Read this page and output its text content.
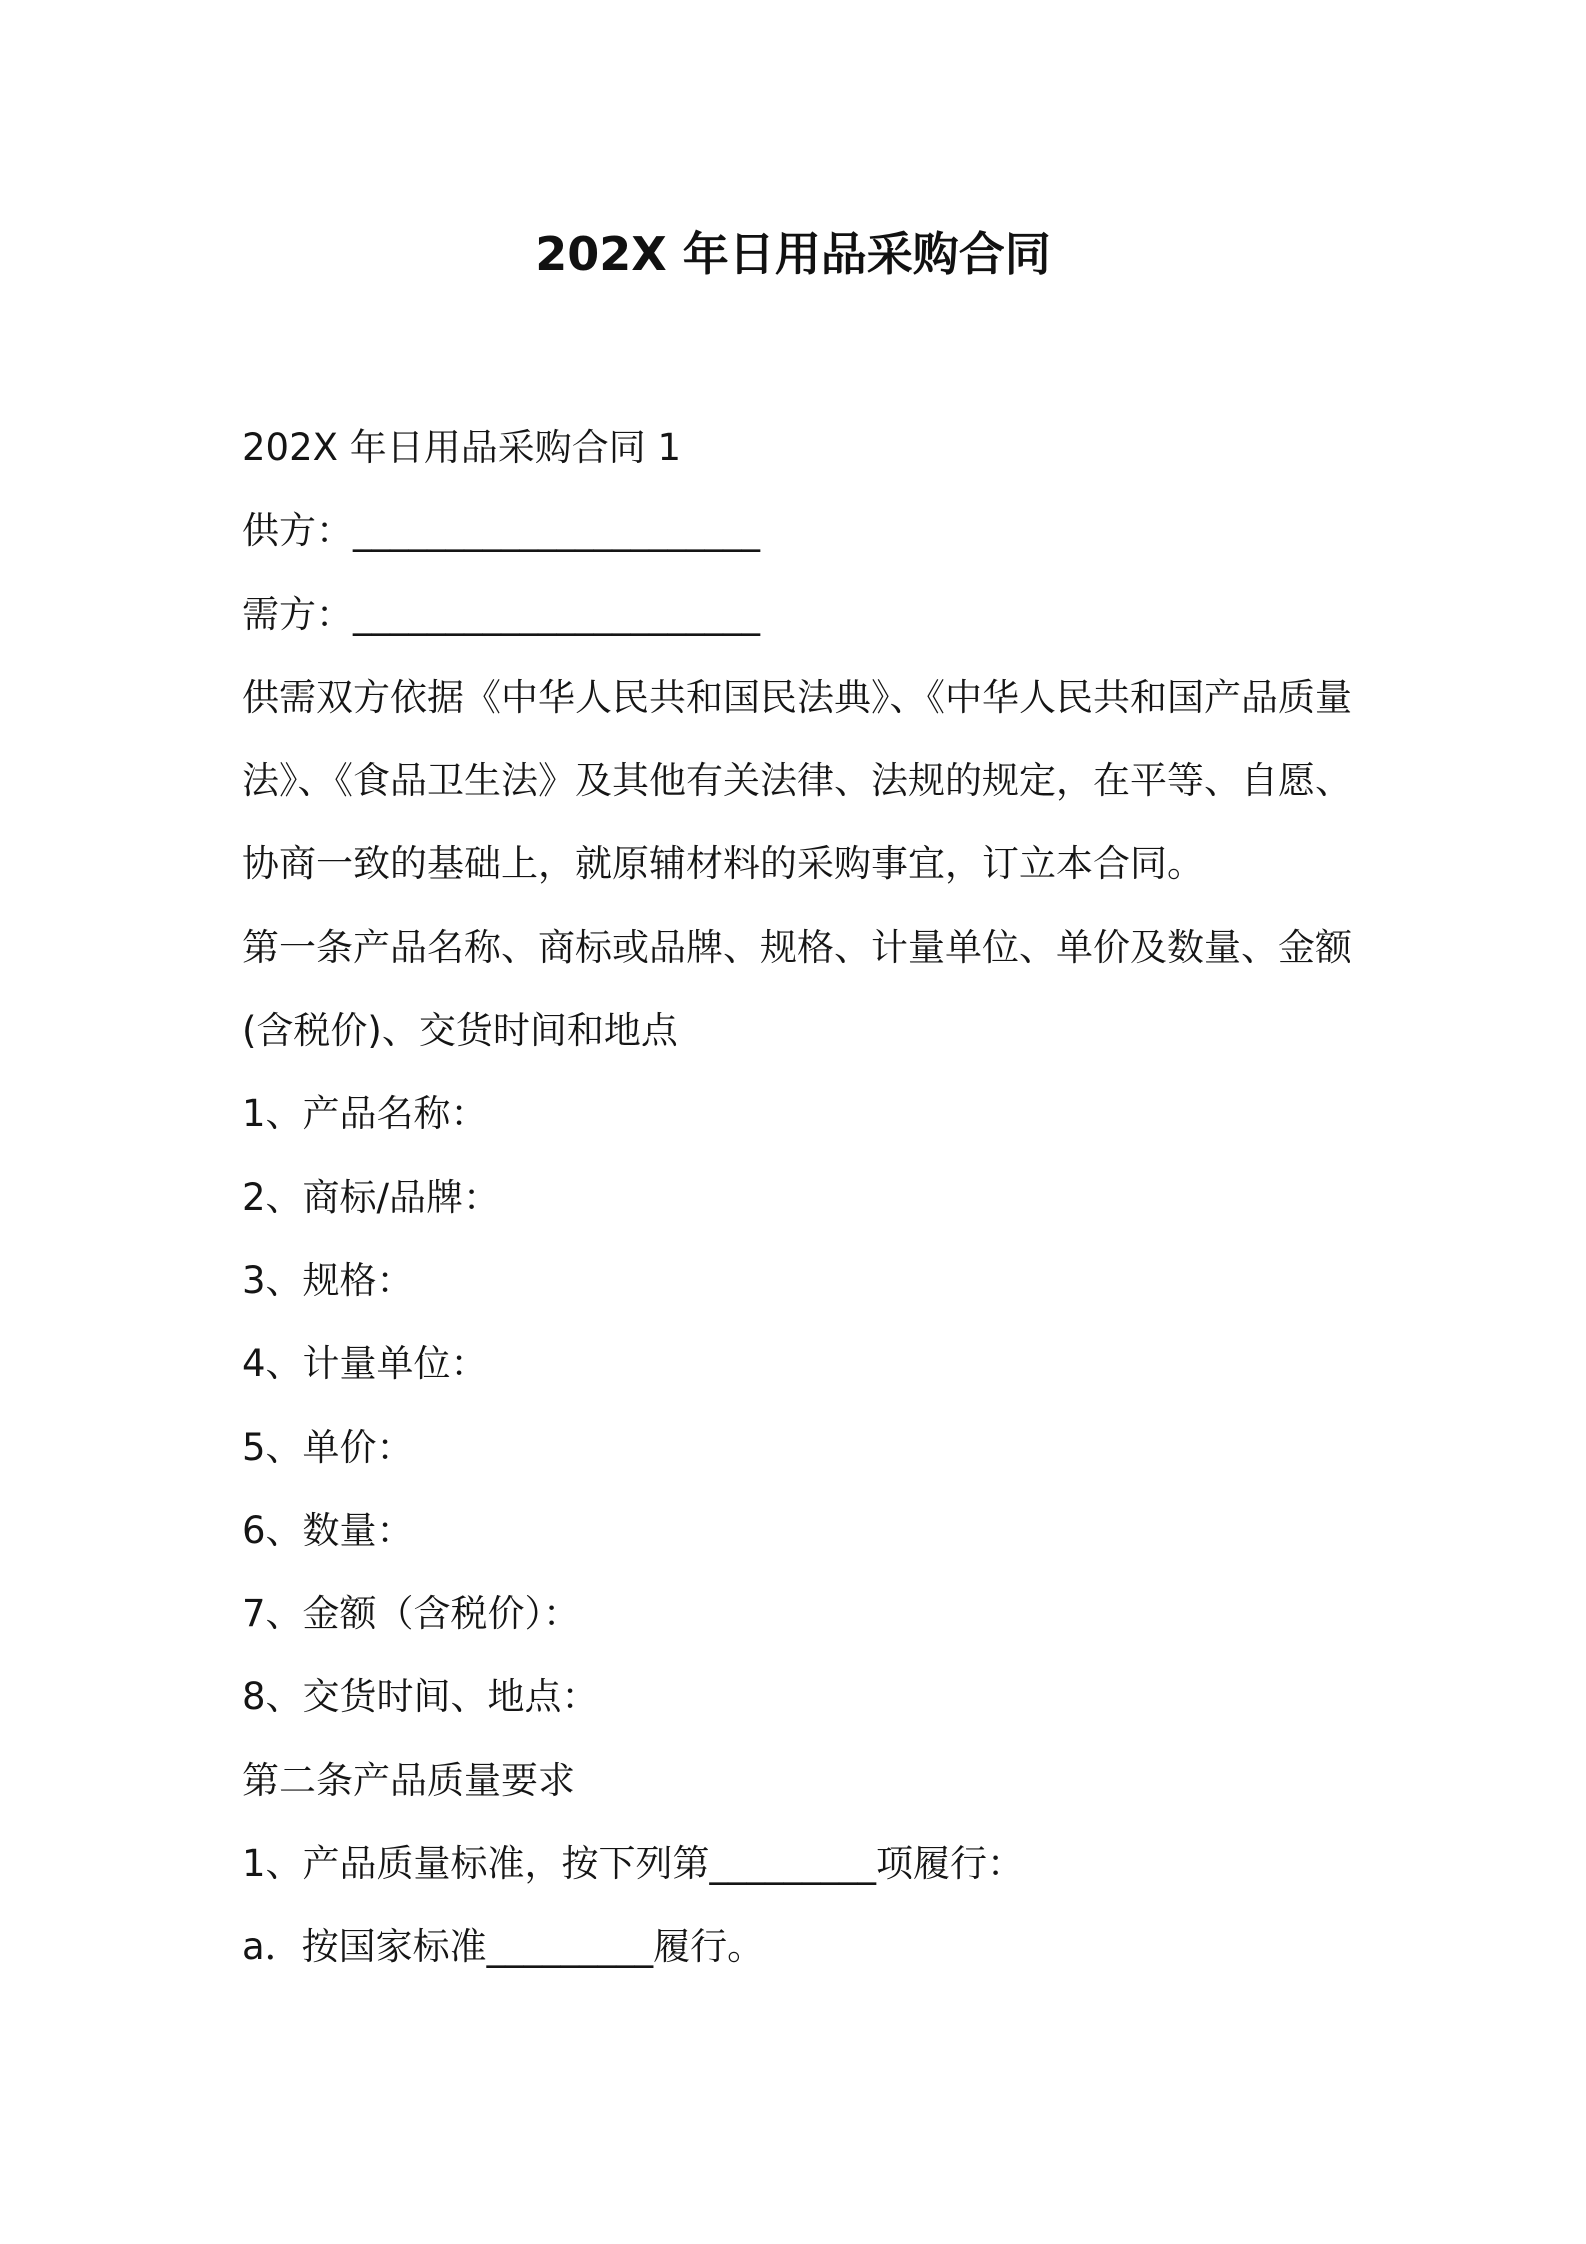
202X 年日用品采购合同
202X 年日用品采购合同 1
供方：______________________
需方：______________________
供需双方依据《中华人民共和国民法典》、《中华人民共和国产品质量
法》、《食品卫生法》及其他有关法律、法规的规定，在平等、自愿、
协商一致的基础上，就原辅材料的采购事宜，订立本合同。
第一条产品名称、商标或品牌、规格、计量单位、单价及数量、金额
(含税价)、交货时间和地点
1、产品名称：
2、商标/品牌：
3、规格：
4、计量单位：
5、单价：
6、数量：
7、金额（含税价）：
8、交货时间、地点：
第二条产品质量要求
1、产品质量标准，按下列第_________项履行：
a．按国家标准_________履行。
